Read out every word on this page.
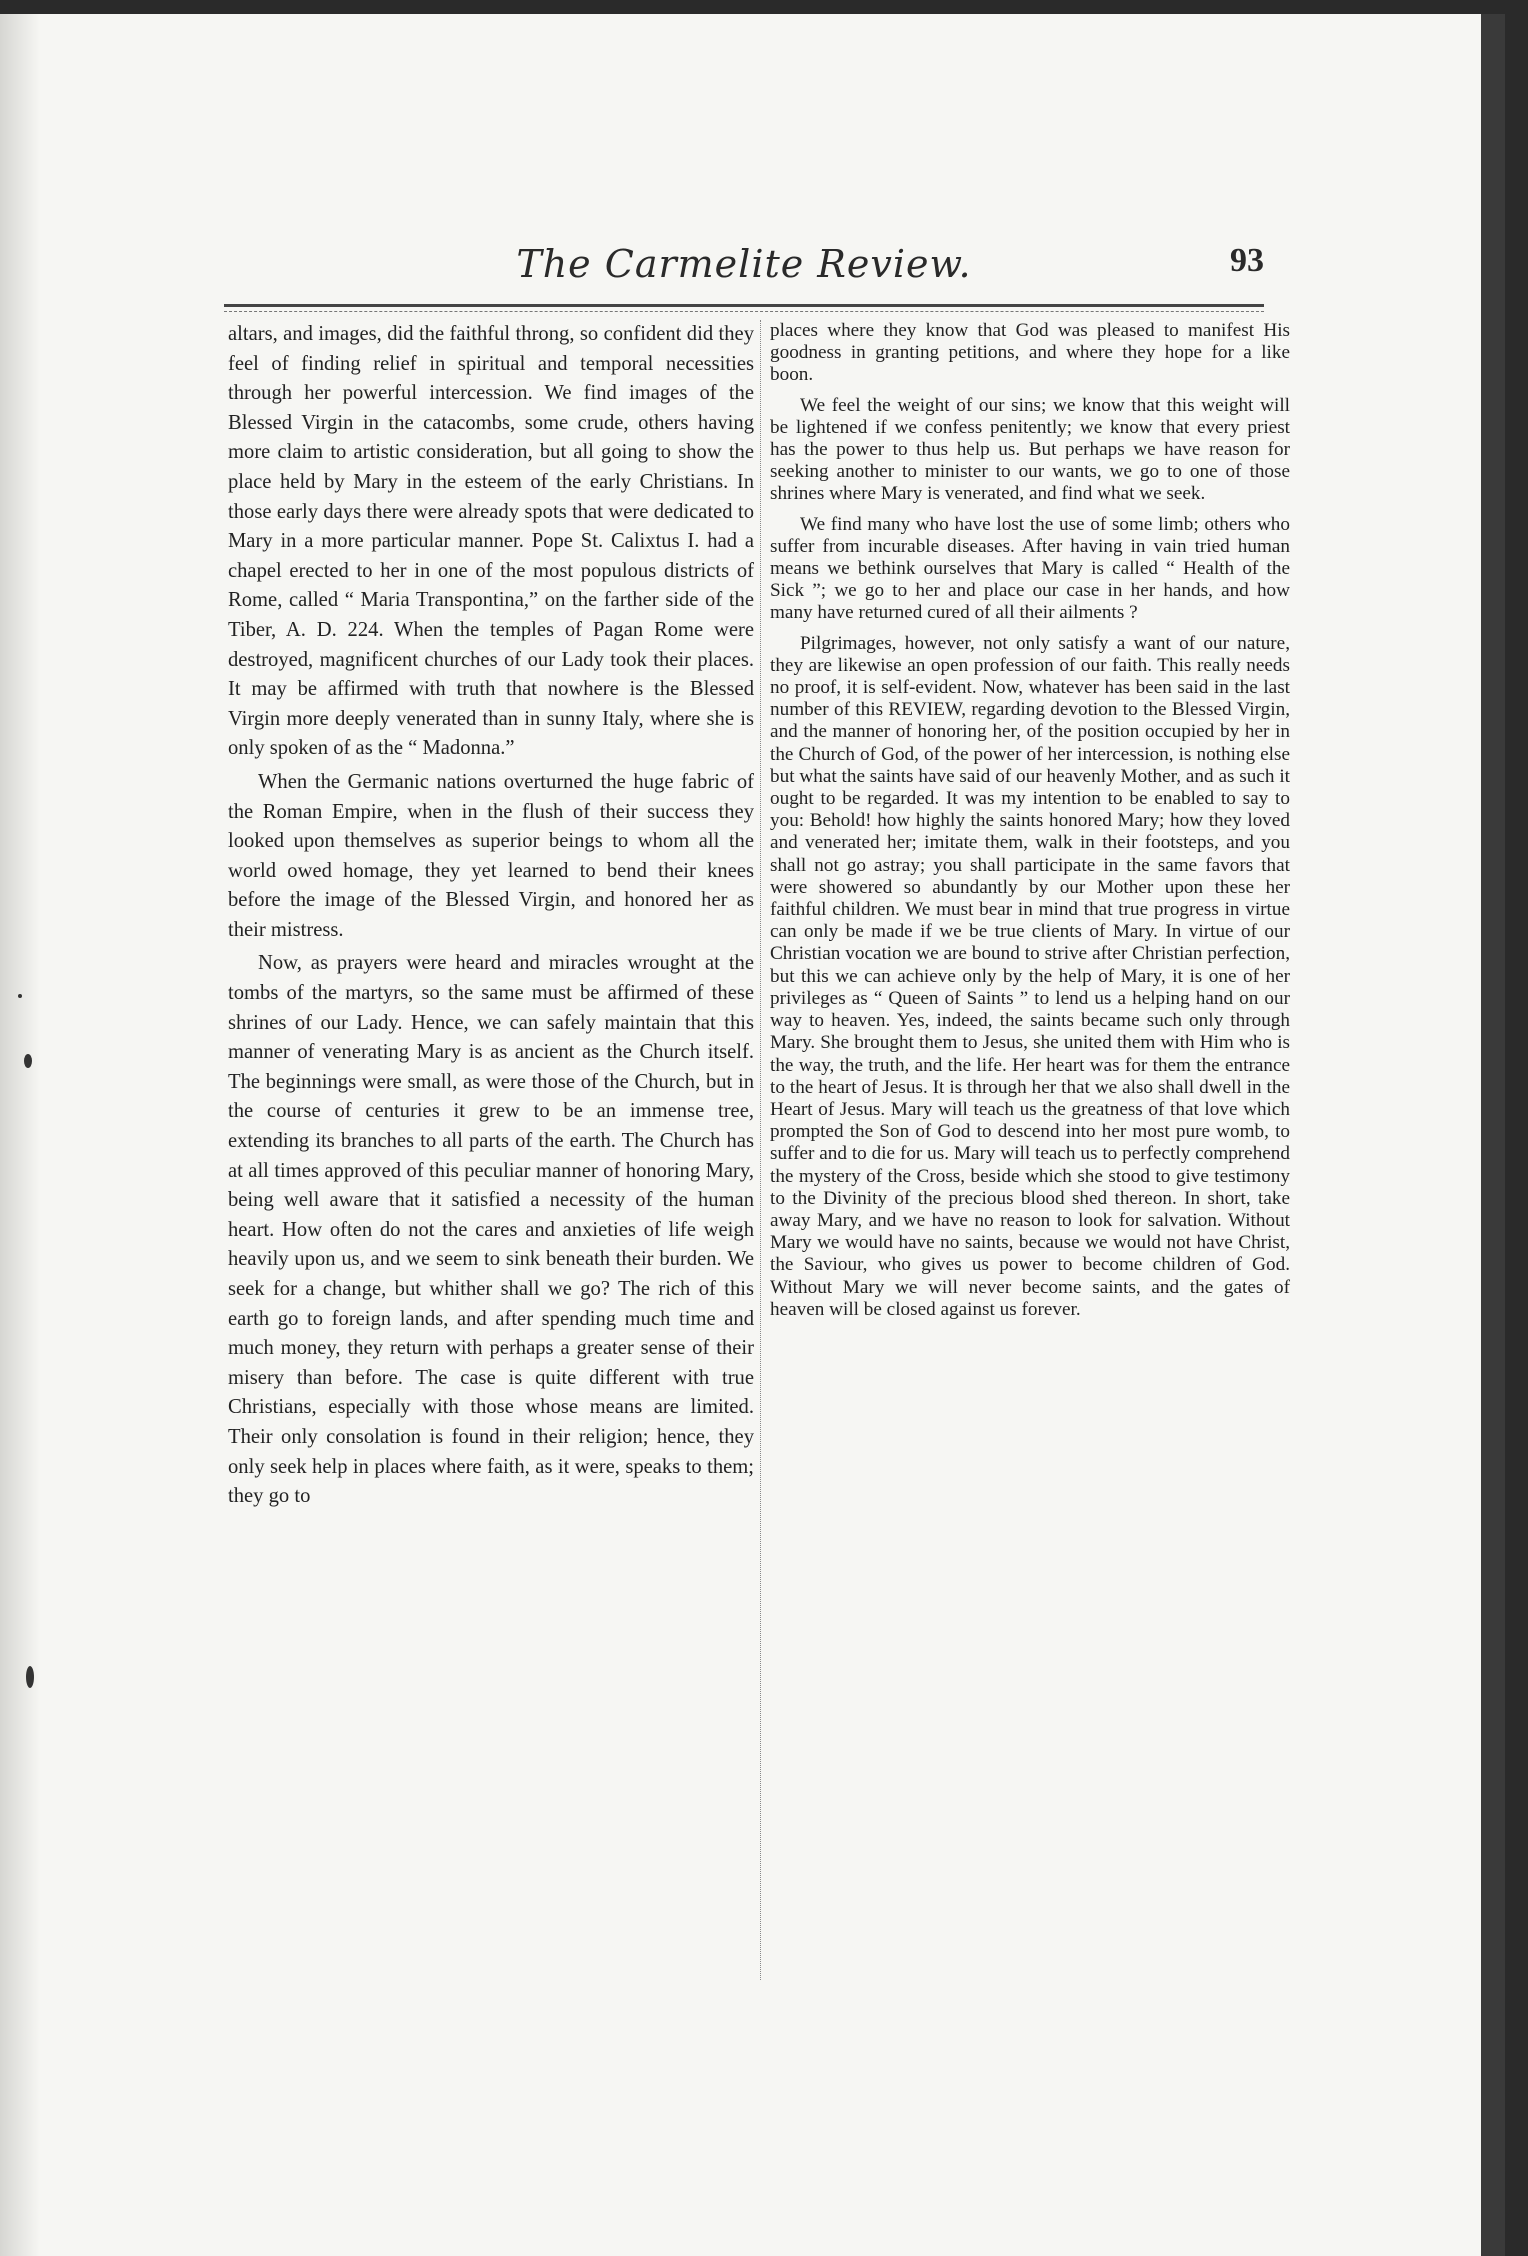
The Carmelite Review.	93

altars, and images, did the faithful throng, so confident did they feel of finding relief in spiritual and temporal necessities through her powerful intercession. We find images of the Blessed Virgin in the catacombs, some crude, others having more claim to artistic consideration, but all going to show the place held by Mary in the esteem of the early Christians. In those early days there were already spots that were dedicated to Mary in a more particular manner. Pope St. Calixtus I. had a chapel erected to her in one of the most populous districts of Rome, called “ Maria Transpontina,” on the farther side of the Tiber, A. D. 224. When the temples of Pagan Rome were destroyed, magnificent churches of our Lady took their places. It may be affirmed with truth that nowhere is the Blessed Virgin more deeply venerated than in sunny Italy, where she is only spoken of as the “ Madonna.”

When the Germanic nations overturned the huge fabric of the Roman Empire, when in the flush of their success they looked upon themselves as superior beings to whom all the world owed homage, they yet learned to bend their knees before the image of the Blessed Virgin, and honored her as their mistress.

Now, as prayers were heard and miracles wrought at the tombs of the martyrs, so the same must be affirmed of these shrines of our Lady. Hence, we can safely maintain that this manner of venerating Mary is as ancient as the Church itself. The beginnings were small, as were those of the Church, but in the course of centuries it grew to be an immense tree, extending its branches to all parts of the earth. The Church has at all times approved of this peculiar manner of honoring Mary, being well aware that it satisfied a necessity of the human heart. How often do not the cares and anxieties of life weigh heavily upon us, and we seem to sink beneath their burden. We seek for a change, but whither shall we go? The rich of this earth go to foreign lands, and after spending much time and much money, they return with perhaps a greater sense of their misery than before. The case is quite different with true Christians, especially with those whose means are limited. Their only consolation is found in their religion; hence, they only seek help in places where faith, as it were, speaks to them; they go to

places where they know that God was pleased to manifest His goodness in granting petitions, and where they hope for a like boon.

We feel the weight of our sins; we know that this weight will be lightened if we confess penitently; we know that every priest has the power to thus help us. But perhaps we have reason for seeking another to minister to our wants, we go to one of those shrines where Mary is venerated, and find what we seek.

We find many who have lost the use of some limb; others who suffer from incurable diseases. After having in vain tried human means we bethink ourselves that Mary is called “ Health of the Sick ”; we go to her and place our case in her hands, and how many have returned cured of all their ailments ?

Pilgrimages, however, not only satisfy a want of our nature, they are likewise an open profession of our faith. This really needs no proof, it is self-evident. Now, whatever has been said in the last number of this REVIEW, regarding devotion to the Blessed Virgin, and the manner of honoring her, of the position occupied by her in the Church of God, of the power of her intercession, is nothing else but what the saints have said of our heavenly Mother, and as such it ought to be regarded. It was my intention to be enabled to say to you: Behold! how highly the saints honored Mary; how they loved and venerated her; imitate them, walk in their footsteps, and you shall not go astray; you shall participate in the same favors that were showered so abundantly by our Mother upon these her faithful children. We must bear in mind that true progress in virtue can only be made if we be true clients of Mary. In virtue of our Christian vocation we are bound to strive after Christian perfection, but this we can achieve only by the help of Mary, it is one of her privileges as “ Queen of Saints ” to lend us a helping hand on our way to heaven. Yes, indeed, the saints became such only through Mary. She brought them to Jesus, she united them with Him who is the way, the truth, and the life. Her heart was for them the entrance to the heart of Jesus. It is through her that we also shall dwell in the Heart of Jesus. Mary will teach us the greatness of that love which prompted the Son of God to descend into her most pure womb, to suffer and to die for us. Mary will teach us to perfectly comprehend the mystery of the Cross, beside which she stood to give testimony to the Divinity of the precious blood shed thereon. In short, take away Mary, and we have no reason to look for salvation. Without Mary we would have no saints, because we would not have Christ, the Saviour, who gives us power to become children of God. Without Mary we will never become saints, and the gates of heaven will be closed against us forever.
